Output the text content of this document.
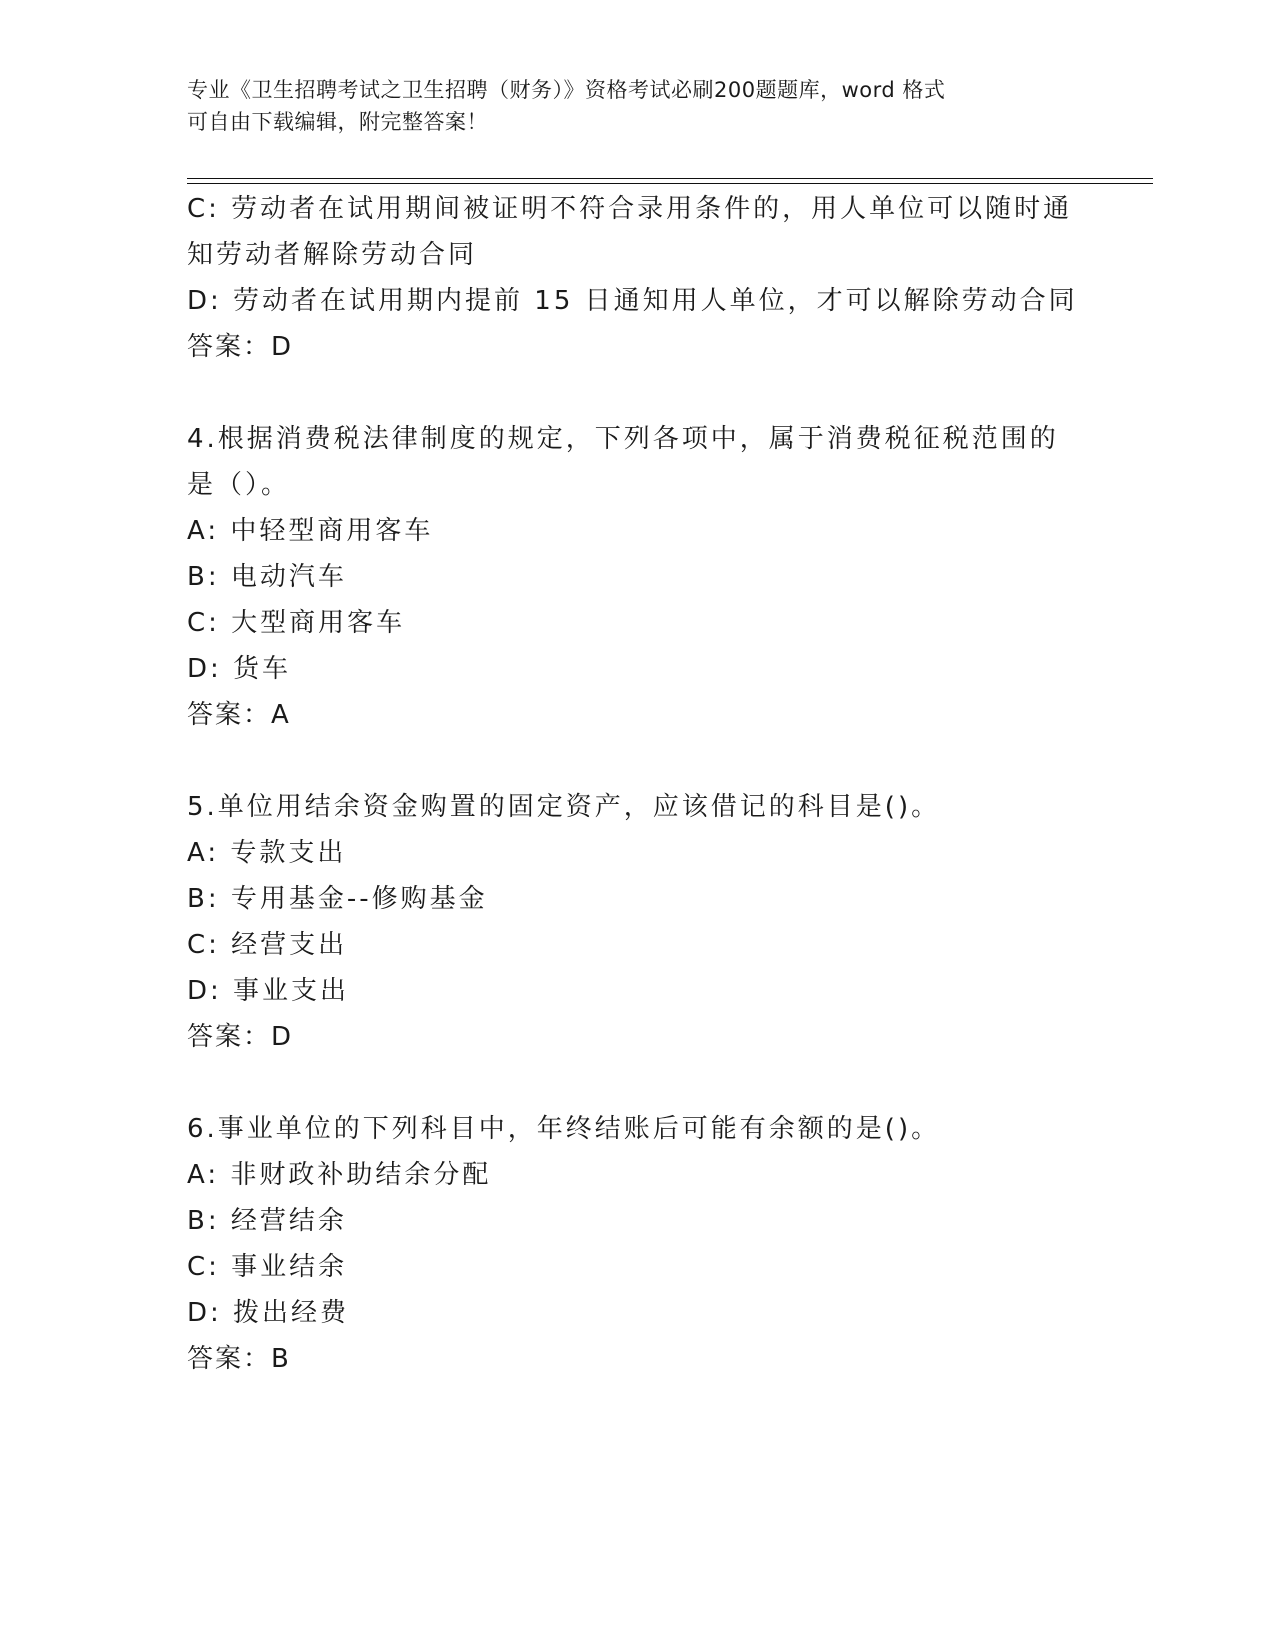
专业《卫生招聘考试之卫生招聘（财务）》资格考试必刷200题题库，word 格式
可自由下载编辑，附完整答案！
C: 劳动者在试用期间被证明不符合录用条件的，用人单位可以随时通
知劳动者解除劳动合同
D: 劳动者在试用期内提前 15 日通知用人单位，才可以解除劳动合同
答案：D
4.根据消费税法律制度的规定，下列各项中，属于消费税征税范围的
是（）。
A: 中轻型商用客车
B: 电动汽车
C: 大型商用客车
D: 货车
答案：A
5.单位用结余资金购置的固定资产，应该借记的科目是()。
A: 专款支出
B: 专用基金--修购基金
C: 经营支出
D: 事业支出
答案：D
6.事业单位的下列科目中，年终结账后可能有余额的是()。
A: 非财政补助结余分配
B: 经营结余
C: 事业结余
D: 拨出经费
答案：B
